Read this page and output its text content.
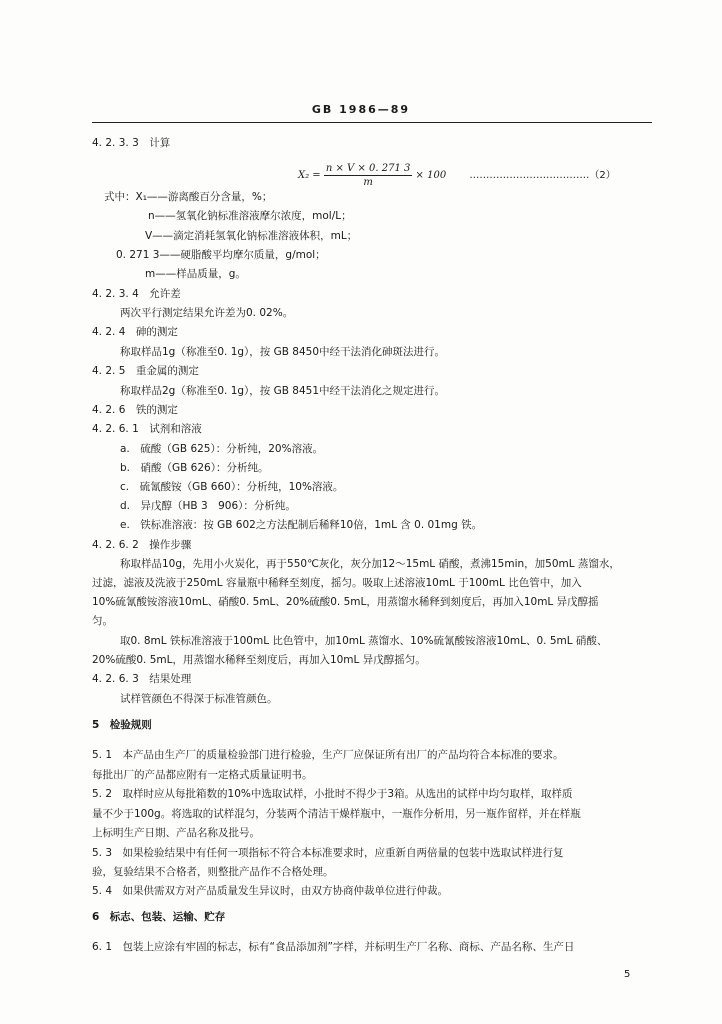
GB 1986—89
4. 2. 3. 3　计算
$X_2 = \frac{n \times V \times 0. 271 3}{m} \times 100$ ………………………………（2）
式中：X₁——游离酸百分含量，%；
n——氢氧化钠标准溶液摩尔浓度，mol/L；
V——滴定消耗氢氧化钠标准溶液体积，mL；
0. 271 3——硬脂酸平均摩尔质量，g/mol；
m——样品质量，g。
4. 2. 3. 4　允许差
两次平行测定结果允许差为0. 02%。
4. 2. 4　砷的测定
称取样品1g（称准至0. 1g），按 GB 8450中经干法消化砷斑法进行。
4. 2. 5　重金属的测定
称取样品2g（称准至0. 1g），按 GB 8451中经干法消化之规定进行。
4. 2. 6　铁的测定
4. 2. 6. 1　试剂和溶液
a.　硫酸（GB 625）：分析纯，20%溶液。
b.　硝酸（GB 626）：分析纯。
c.　硫氰酸铵（GB 660）：分析纯，10%溶液。
d.　异戊醇（HB 3　906）：分析纯。
e.　铁标准溶液：按 GB 602之方法配制后稀释10倍，1mL 含 0. 01mg 铁。
4. 2. 6. 2　操作步骤
称取样品10g，先用小火炭化，再于550℃灰化，灰分加12～15mL 硝酸，煮沸15min，加50mL 蒸馏水，
过滤，滤液及洗液于250mL 容量瓶中稀释至刻度，摇匀。吸取上述溶液10mL 于100mL 比色管中，加入
10%硫氰酸铵溶液10mL、硝酸0. 5mL、20%硫酸0. 5mL，用蒸馏水稀释到刻度后，再加入10mL 异戊醇摇
匀。
取0. 8mL 铁标准溶液于100mL 比色管中，加10mL 蒸馏水、10%硫氰酸铵溶液10mL、0. 5mL 硝酸、
20%硫酸0. 5mL，用蒸馏水稀释至刻度后，再加入10mL 异戊醇摇匀。
4. 2. 6. 3　结果处理
试样管颜色不得深于标准管颜色。
5　检验规则
5. 1　本产品由生产厂的质量检验部门进行检验，生产厂应保证所有出厂的产品均符合本标准的要求。
每批出厂的产品都应附有一定格式质量证明书。
5. 2　取样时应从每批箱数的10%中选取试样，小批时不得少于3箱。从选出的试样中均匀取样，取样质
量不少于100g。将选取的试样混匀，分装两个清洁干燥样瓶中，一瓶作分析用，另一瓶作留样，并在样瓶
上标明生产日期、产品名称及批号。
5. 3　如果检验结果中有任何一项指标不符合本标准要求时，应重新自两倍量的包装中选取试样进行复
验，复验结果不合格者，则整批产品作不合格处理。
5. 4　如果供需双方对产品质量发生异议时，由双方协商仲裁单位进行仲裁。
6　标志、包装、运输、贮存
6. 1　包装上应涂有牢固的标志，标有“食品添加剂”字样，并标明生产厂名称、商标、产品名称、生产日
5
